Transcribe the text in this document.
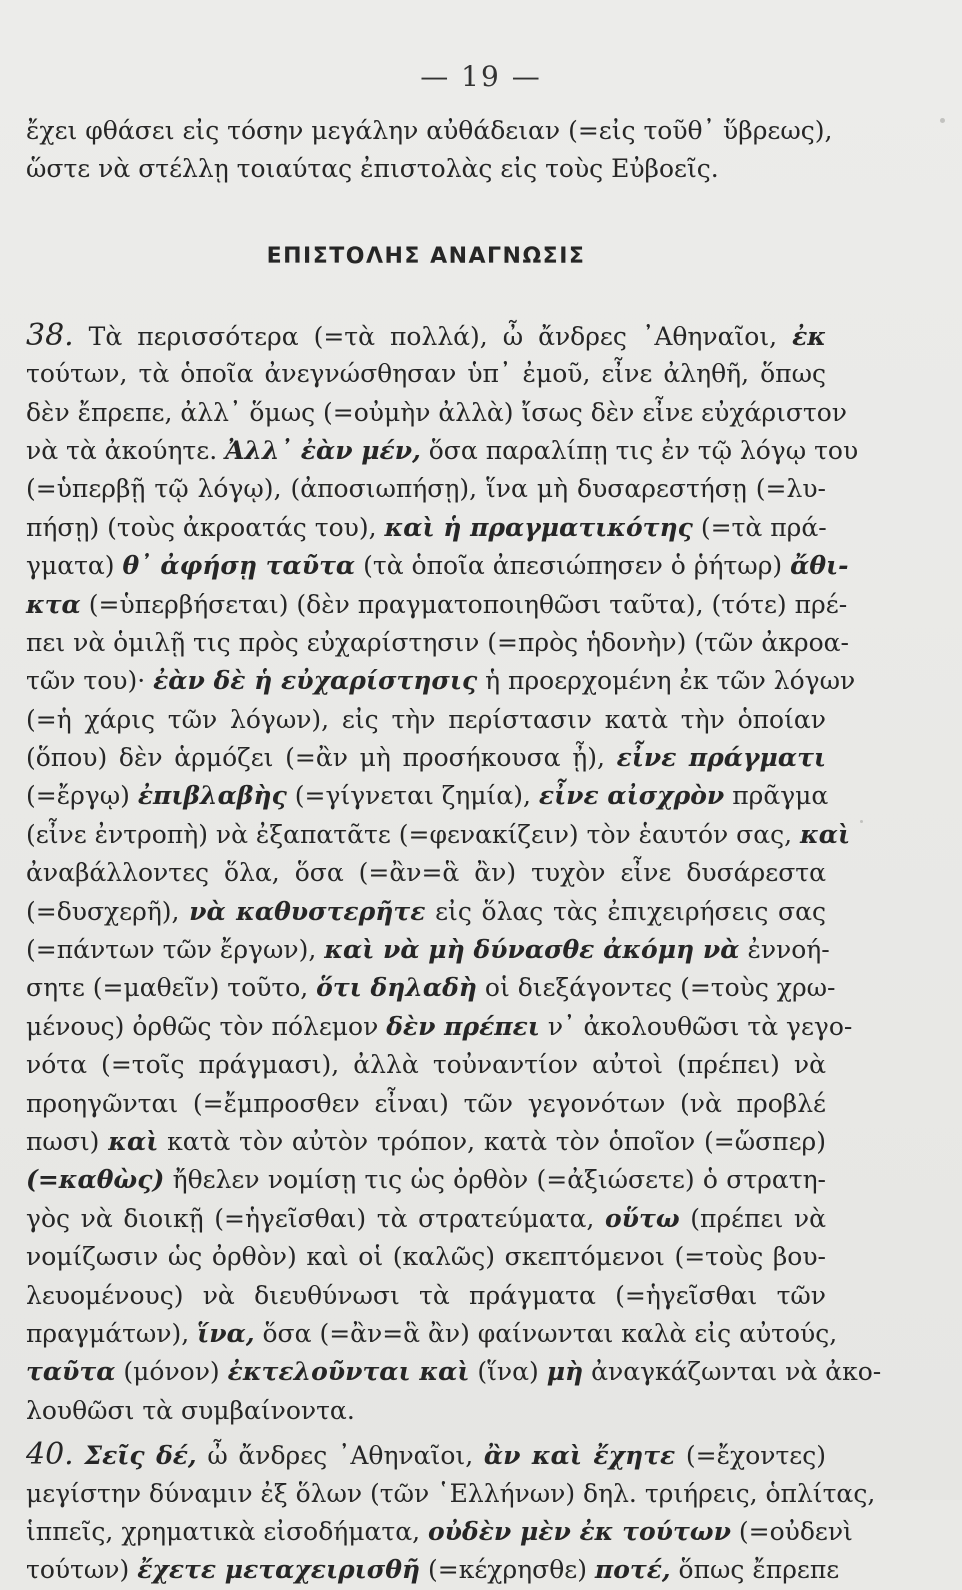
— 19 —
ἔχει φθάσει εἰς τόσην μεγάλην αὐθάδειαν (=εἰς τοῦθ᾽ ὕβρεως),
ὥστε νὰ στέλλῃ τοιαύτας ἐπιστολὰς εἰς τοὺς Εὐβοεῖς.
ΕΠΙΣΤΟΛΗΣ ΑΝΑΓΝΩΣΙΣ
38. Τὰ περισσότερα (=τὰ πολλά), ὦ ἄνδρες ᾿Αθηναῖοι, ἐκ
τούτων, τὰ ὁποῖα ἀνεγνώσθησαν ὑπ᾽ ἐμοῦ, εἶνε ἀληθῆ, ὅπως
δὲν ἔπρεπε, ἀλλ᾽ ὅμως (=οὐμὴν ἀλλὰ) ἴσως δὲν εἶνε εὐχάριστον
νὰ τὰ ἀκούητε. Ἀλλ᾽ ἐὰν μέν, ὅσα παραλίπῃ τις ἐν τῷ λόγῳ του
(=ὑπερβῇ τῷ λόγῳ), (ἀποσιωπήσῃ), ἵνα μὴ δυσαρεστήσῃ (=λυ-
πήσῃ) (τοὺς ἀκροατάς του), καὶ ἡ πραγματικότης (=τὰ πρά-
γματα) θ᾽ ἀφήσῃ ταῦτα (τὰ ὁποῖα ἀπεσιώπησεν ὁ ῥήτωρ) ἄθι-
κτα (=ὑπερβήσεται) (δὲν πραγματοποιηθῶσι ταῦτα), (τότε) πρέ-
πει νὰ ὁμιλῇ τις πρὸς εὐχαρίστησιν (=πρὸς ἡδονὴν) (τῶν ἀκροα-
τῶν του)· ἐὰν δὲ ἡ εὐχαρίστησις ἡ προερχομένη ἐκ τῶν λόγων
(=ἡ χάρις τῶν λόγων), εἰς τὴν περίστασιν κατὰ τὴν ὁποίαν
(ὅπου) δὲν ἁρμόζει (=ἂν μὴ προσήκουσα ᾖ), εἶνε πράγματι
(=ἔργῳ) ἐπιβλαβὴς (=γίγνεται ζημία), εἶνε αἰσχρὸν πρᾶγμα
(εἶνε ἐντροπὴ) νὰ ἐξαπατᾶτε (=φενακίζειν) τὸν ἑαυτόν σας, καὶ
ἀναβάλλοντες ὅλα, ὅσα (=ἂν=ἃ ἂν) τυχὸν εἶνε δυσάρεστα
(=δυσχερῆ), νὰ καθυστερῆτε εἰς ὅλας τὰς ἐπιχειρήσεις σας
(=πάντων τῶν ἔργων), καὶ νὰ μὴ δύνασθε ἀκόμη νὰ ἐννοή-
σητε (=μαθεῖν) τοῦτο, ὅτι δηλαδὴ οἱ διεξάγοντες (=τοὺς χρω-
μένους) ὀρθῶς τὸν πόλεμον δὲν πρέπει ν᾽ ἀκολουθῶσι τὰ γεγο-
νότα (=τοῖς πράγμασι), ἀλλὰ τοὐναντίον αὐτοὶ (πρέπει) νὰ
προηγῶνται (=ἔμπροσθεν εἶναι) τῶν γεγονότων (νὰ προβλέ
πωσι) καὶ κατὰ τὸν αὐτὸν τρόπον, κατὰ τὸν ὁποῖον (=ὥσπερ)
(=καθὼς) ἤθελεν νομίσῃ τις ὡς ὀρθὸν (=ἀξιώσετε) ὁ στρατη-
γὸς νὰ διοικῇ (=ἡγεῖσθαι) τὰ στρατεύματα, οὕτω (πρέπει νὰ
νομίζωσιν ὡς ὀρθὸν) καὶ οἱ (καλῶς) σκεπτόμενοι (=τοὺς βου-
λευομένους) νὰ διευθύνωσι τὰ πράγματα (=ἡγεῖσθαι τῶν
πραγμάτων), ἵνα, ὅσα (=ἂν=ἃ ἂν) φαίνωνται καλὰ εἰς αὐτούς,
ταῦτα (μόνον) ἐκτελοῦνται καὶ (ἵνα) μὴ ἀναγκάζωνται νὰ ἀκο-
λουθῶσι τὰ συμβαίνοντα.
40. Σεῖς δέ, ὦ ἄνδρες ᾿Αθηναῖοι, ἂν καὶ ἔχητε (=ἔχοντες)
μεγίστην δύναμιν ἐξ ὅλων (τῶν ῾Ελλήνων) δηλ. τριήρεις, ὁπλίτας,
ἱππεῖς, χρηματικὰ εἰσοδήματα, οὐδὲν μὲν ἐκ τούτων (=οὐδενὶ
τούτων) ἔχετε μεταχειρισθῆ (=κέχρησθε) ποτέ, ὅπως ἔπρεπε
